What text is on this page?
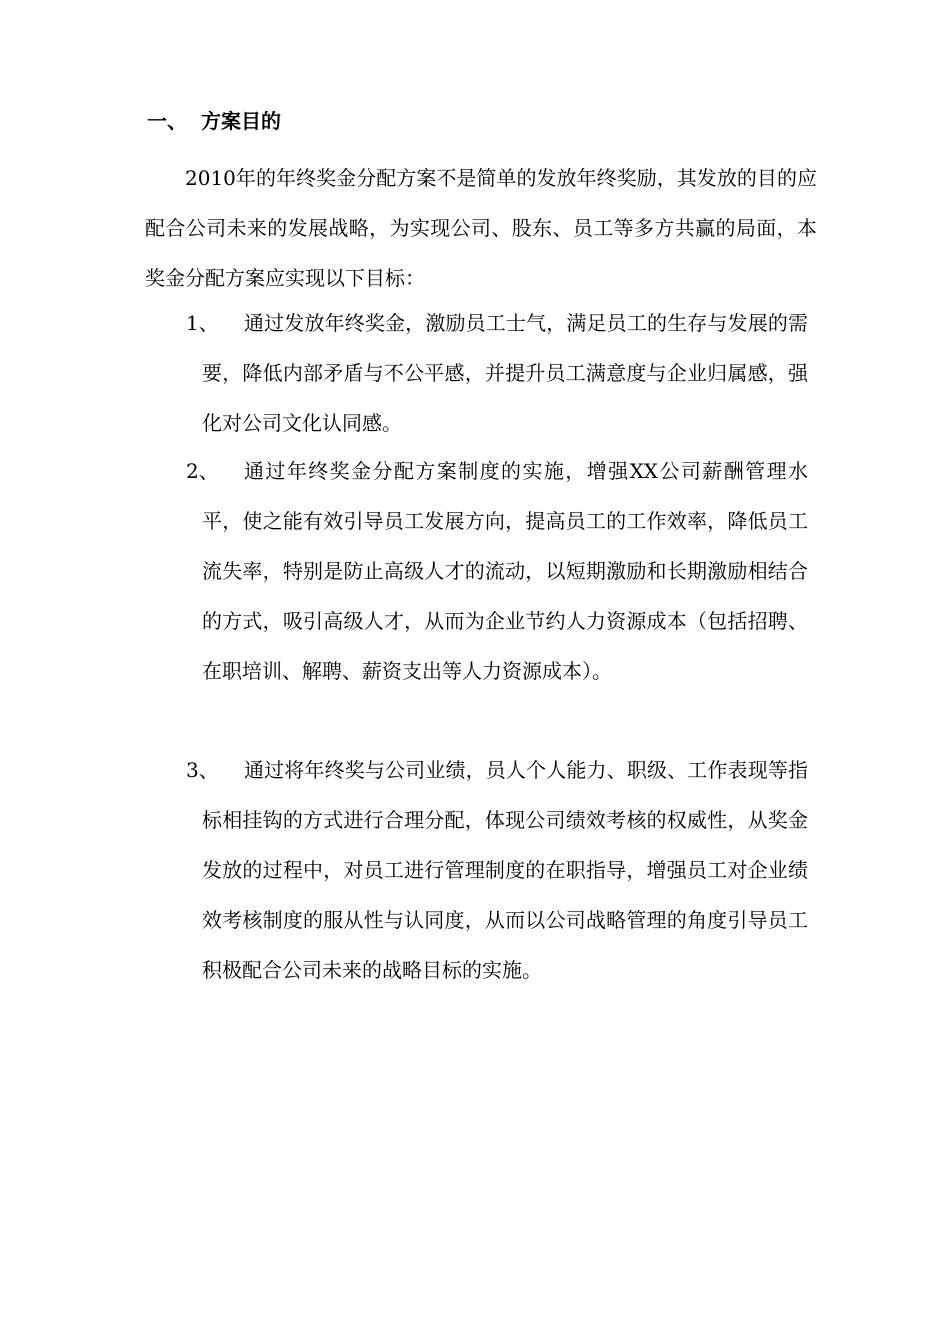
一、 方案目的

2010年的年终奖金分配方案不是简单的发放年终奖励，其发放的目的应配合公司未来的发展战略，为实现公司、股东、员工等多方共赢的局面，本奖金分配方案应实现以下目标：

1、	通过发放年终奖金，激励员工士气，满足员工的生存与发展的需要，降低内部矛盾与不公平感，并提升员工满意度与企业归属感，强化对公司文化认同感。
2、	通过年终奖金分配方案制度的实施，增强XX公司薪酬管理水平，使之能有效引导员工发展方向，提高员工的工作效率，降低员工流失率，特别是防止高级人才的流动，以短期激励和长期激励相结合的方式，吸引高级人才，从而为企业节约人力资源成本（包括招聘、在职培训、解聘、薪资支出等人力资源成本）。
3、	通过将年终奖与公司业绩，员人个人能力、职级、工作表现等指标相挂钩的方式进行合理分配，体现公司绩效考核的权威性，从奖金发放的过程中，对员工进行管理制度的在职指导，增强员工对企业绩效考核制度的服从性与认同度，从而以公司战略管理的角度引导员工积极配合公司未来的战略目标的实施。
